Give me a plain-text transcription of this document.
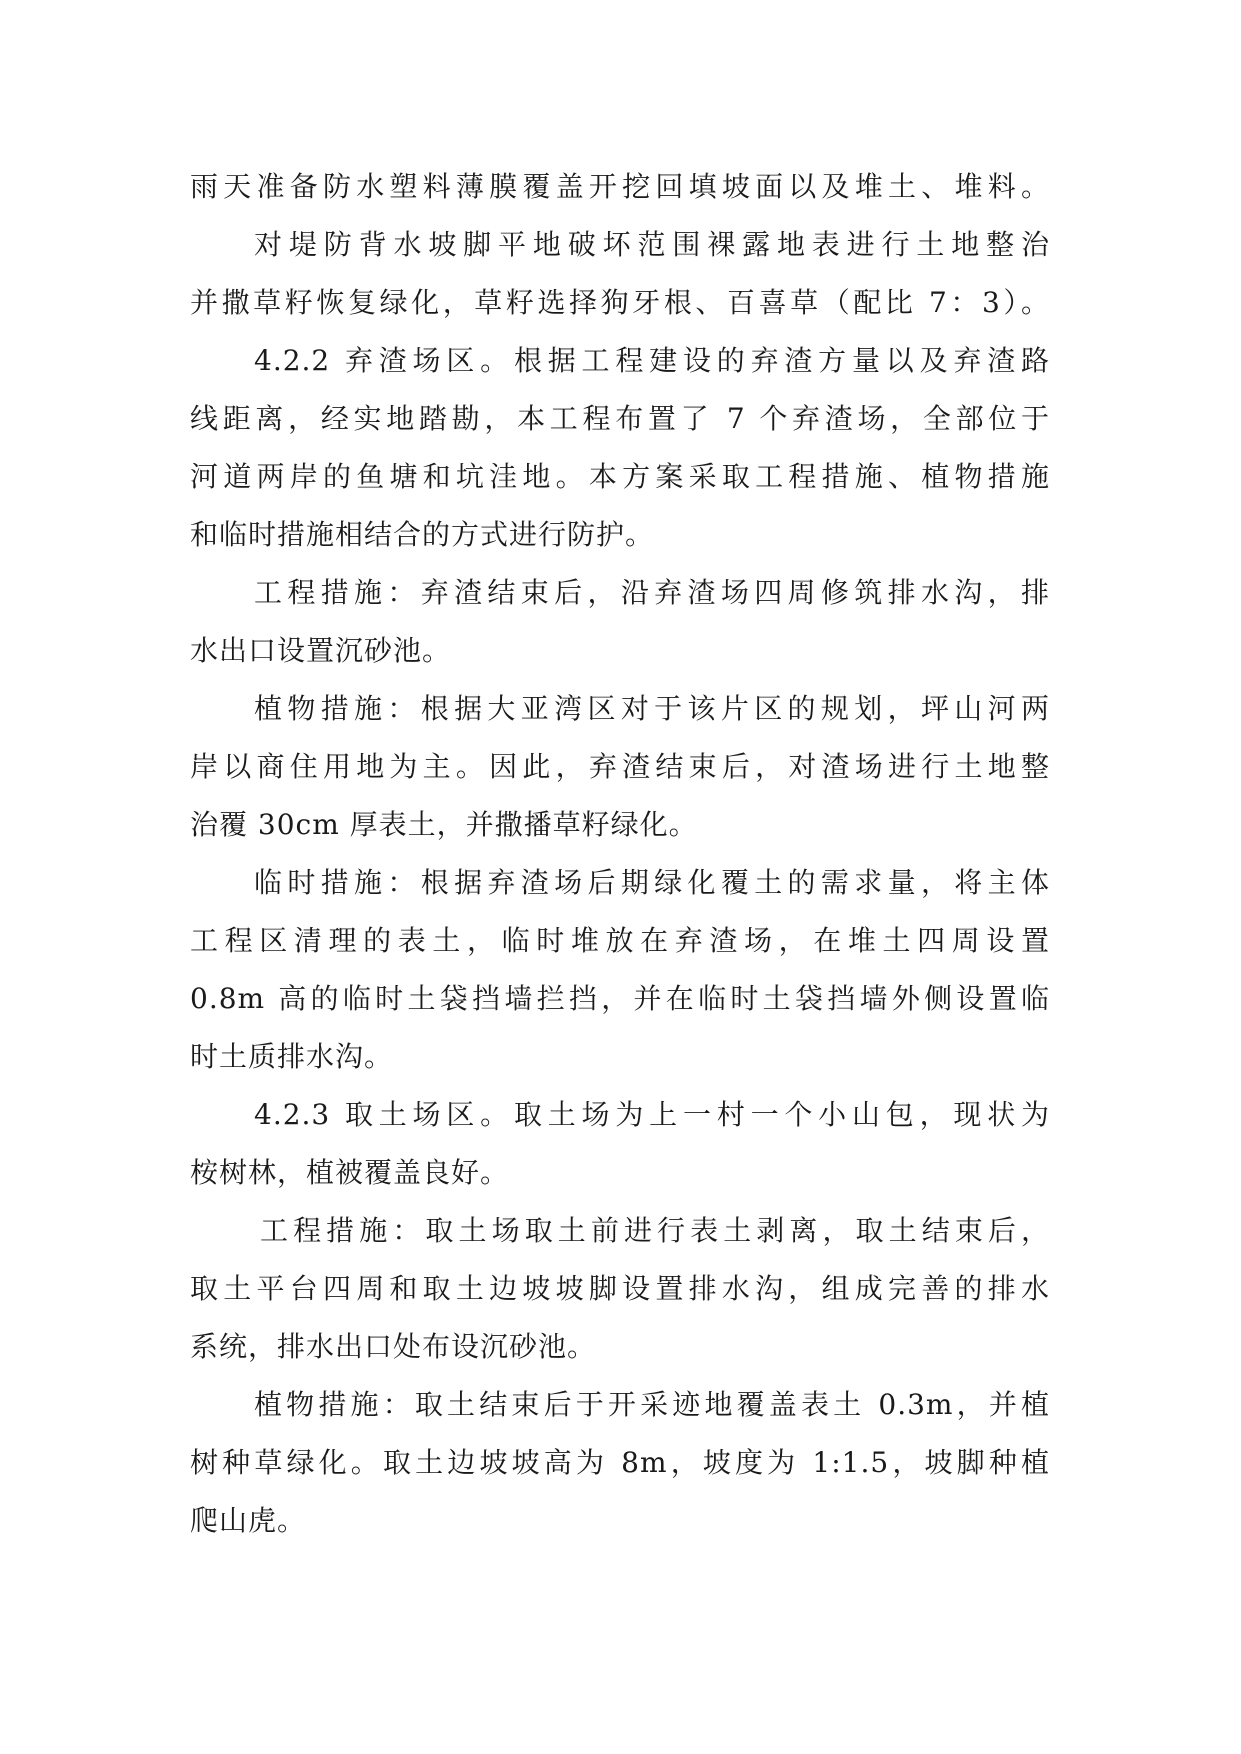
雨天准备防水塑料薄膜覆盖开挖回填坡面以及堆土、堆料。
对堤防背水坡脚平地破坏范围裸露地表进行土地整治
并撒草籽恢复绿化，草籽选择狗牙根、百喜草（配比 7：3）。
4.2.2 弃渣场区。根据工程建设的弃渣方量以及弃渣路
线距离，经实地踏勘，本工程布置了 7 个弃渣场，全部位于
河道两岸的鱼塘和坑洼地。本方案采取工程措施、植物措施
和临时措施相结合的方式进行防护。
工程措施：弃渣结束后，沿弃渣场四周修筑排水沟，排
水出口设置沉砂池。
植物措施：根据大亚湾区对于该片区的规划，坪山河两
岸以商住用地为主。因此，弃渣结束后，对渣场进行土地整
治覆 30cm 厚表土，并撒播草籽绿化。
临时措施：根据弃渣场后期绿化覆土的需求量，将主体
工程区清理的表土，临时堆放在弃渣场，在堆土四周设置
0.8m 高的临时土袋挡墙拦挡，并在临时土袋挡墙外侧设置临
时土质排水沟。
4.2.3 取土场区。取土场为上一村一个小山包，现状为
桉树林，植被覆盖良好。
工程措施：取土场取土前进行表土剥离，取土结束后，
取土平台四周和取土边坡坡脚设置排水沟，组成完善的排水
系统，排水出口处布设沉砂池。
植物措施：取土结束后于开采迹地覆盖表土 0.3m，并植
树种草绿化。取土边坡坡高为 8m，坡度为 1:1.5，坡脚种植
爬山虎。
